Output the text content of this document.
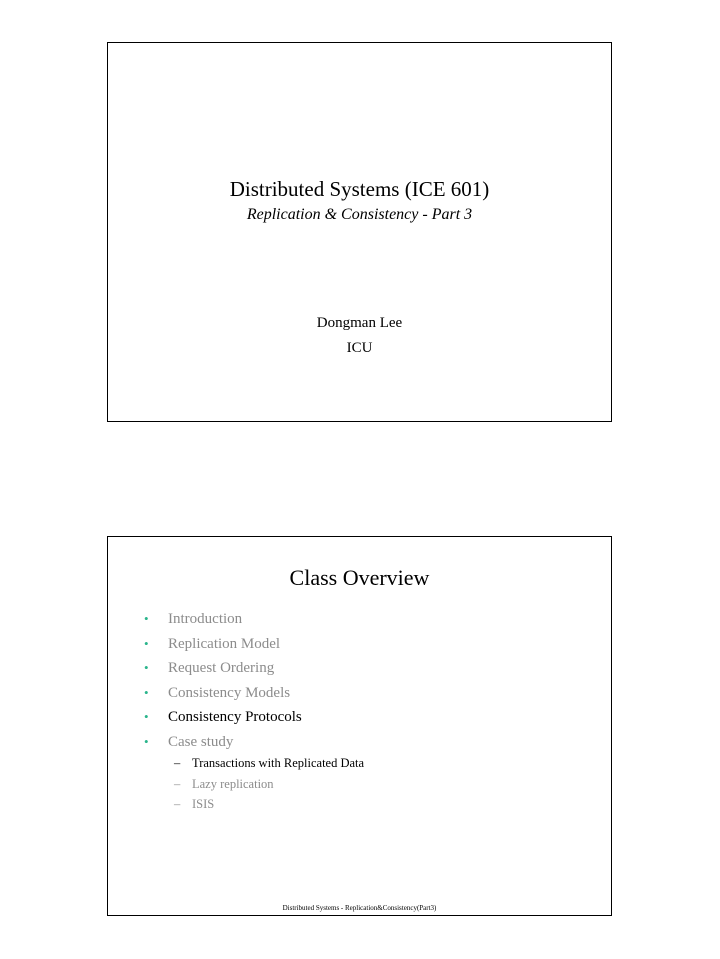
Distributed Systems (ICE 601)
Replication & Consistency - Part 3
Dongman Lee
ICU
Class Overview
• Introduction
• Replication Model
• Request Ordering
• Consistency Models
• Consistency Protocols
• Case study
– Transactions with Replicated Data
– Lazy replication
– ISIS
Distributed Systems - Replication&Consistency(Part3)
